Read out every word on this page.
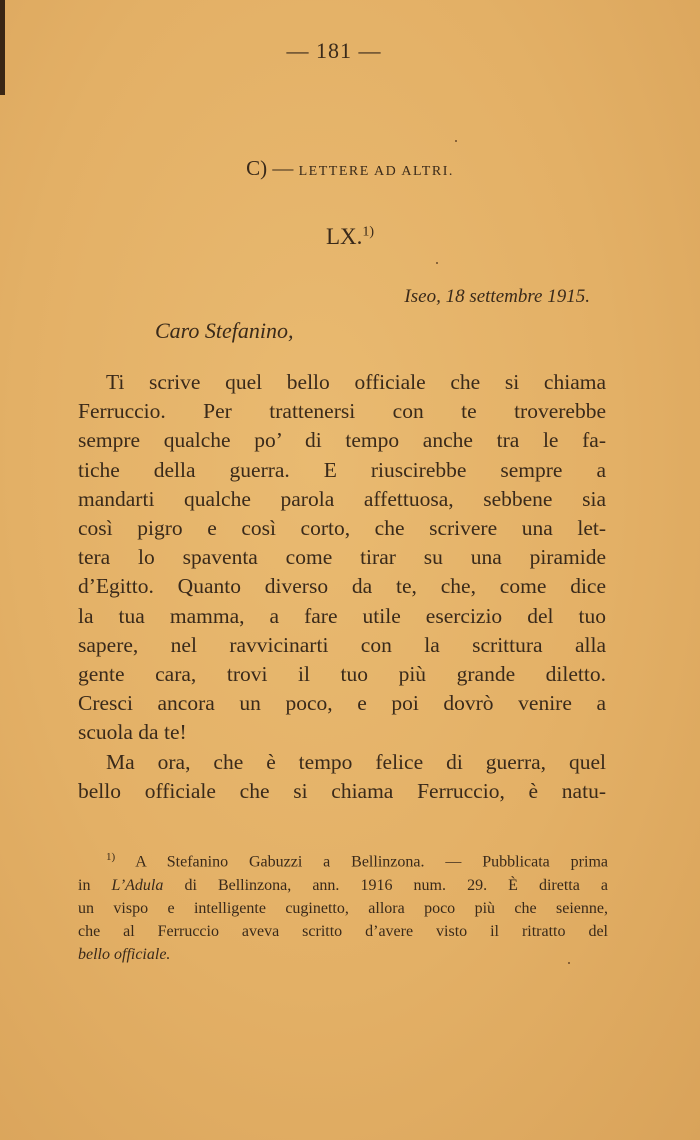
— 181 —
C) — LETTERE AD ALTRI.
LX.$^{1)}$
Iseo, 18 settembre 1915.
Caro Stefanino,
Ti scrive quel bello officiale che si chiama
Ferruccio. Per trattenersi con te troverebbe
sempre qualche po’ di tempo anche tra le fa-
tiche della guerra. E riuscirebbe sempre a
mandarti qualche parola affettuosa, sebbene sia
così pigro e così corto, che scrivere una let-
tera lo spaventa come tirar su una piramide
d’Egitto. Quanto diverso da te, che, come dice
la tua mamma, a fare utile esercizio del tuo
sapere, nel ravvicinarti con la scrittura alla
gente cara, trovi il tuo più grande diletto.
Cresci ancora un poco, e poi dovrò venire a
scuola da te!
Ma ora, che è tempo felice di guerra, quel
bello officiale che si chiama Ferruccio, è natu-
$^{1)}$ A Stefanino Gabuzzi a Bellinzona. — Pubblicata prima
in L’Adula di Bellinzona, ann. 1916 num. 29. È diretta a
un vispo e intelligente cuginetto, allora poco più che seienne,
che al Ferruccio aveva scritto d’avere visto il ritratto del
bello officiale.
